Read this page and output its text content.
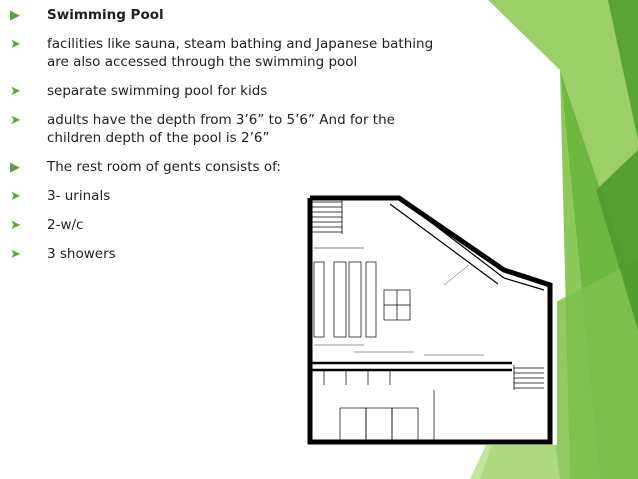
▶ Swimming Pool
➤ facilities like sauna, steam bathing and Japanese bathing are also accessed through the swimming pool
➤ separate swimming pool for kids
➤ adults have the depth from 3’6” to 5’6” And for the children depth of the pool is 2’6”
▶ The rest room of gents consists of:
➤ 3- urinals
➤ 2-w/c
➤ 3 showers
